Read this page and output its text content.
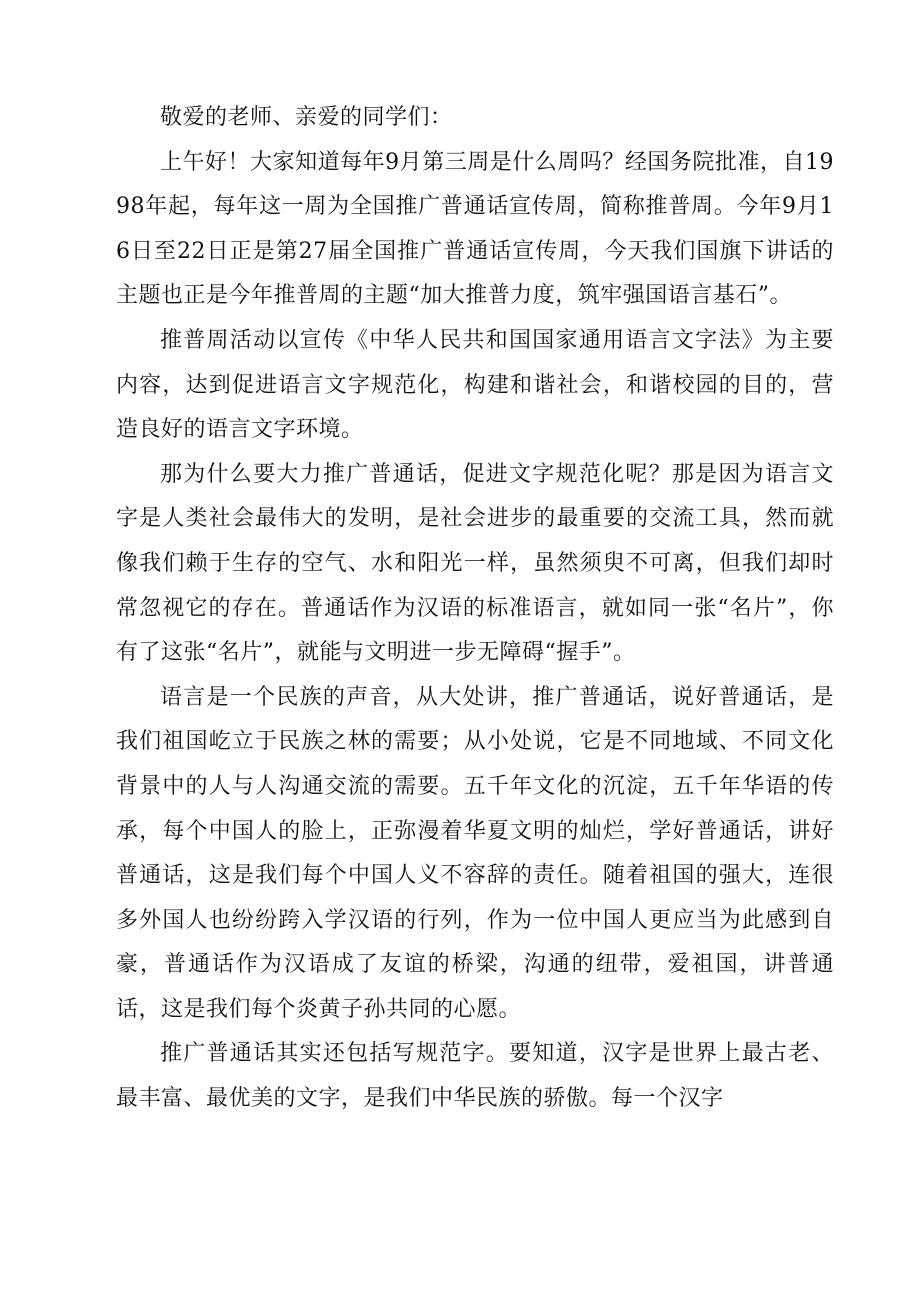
敬爱的老师、亲爱的同学们：

上午好！大家知道每年9月第三周是什么周吗？经国务院批准，自1998年起，每年这一周为全国推广普通话宣传周，简称推普周。今年9月16日至22日正是第27届全国推广普通话宣传周，今天我们国旗下讲话的主题也正是今年推普周的主题“加大推普力度，筑牢强国语言基石”。

推普周活动以宣传《中华人民共和国国家通用语言文字法》为主要内容，达到促进语言文字规范化，构建和谐社会，和谐校园的目的，营造良好的语言文字环境。

那为什么要大力推广普通话，促进文字规范化呢？那是因为语言文字是人类社会最伟大的发明，是社会进步的最重要的交流工具，然而就像我们赖于生存的空气、水和阳光一样，虽然须臾不可离，但我们却时常忽视它的存在。普通话作为汉语的标准语言，就如同一张“名片”，你有了这张“名片”，就能与文明进一步无障碍“握手”。

语言是一个民族的声音，从大处讲，推广普通话，说好普通话，是我们祖国屹立于民族之林的需要；从小处说，它是不同地域、不同文化背景中的人与人沟通交流的需要。五千年文化的沉淀，五千年华语的传承，每个中国人的脸上，正弥漫着华夏文明的灿烂，学好普通话，讲好普通话，这是我们每个中国人义不容辞的责任。随着祖国的强大，连很多外国人也纷纷跨入学汉语的行列，作为一位中国人更应当为此感到自豪，普通话作为汉语成了友谊的桥梁，沟通的纽带，爱祖国，讲普通话，这是我们每个炎黄子孙共同的心愿。

推广普通话其实还包括写规范字。要知道，汉字是世界上最古老、最丰富、最优美的文字，是我们中华民族的骄傲。每一个汉字
